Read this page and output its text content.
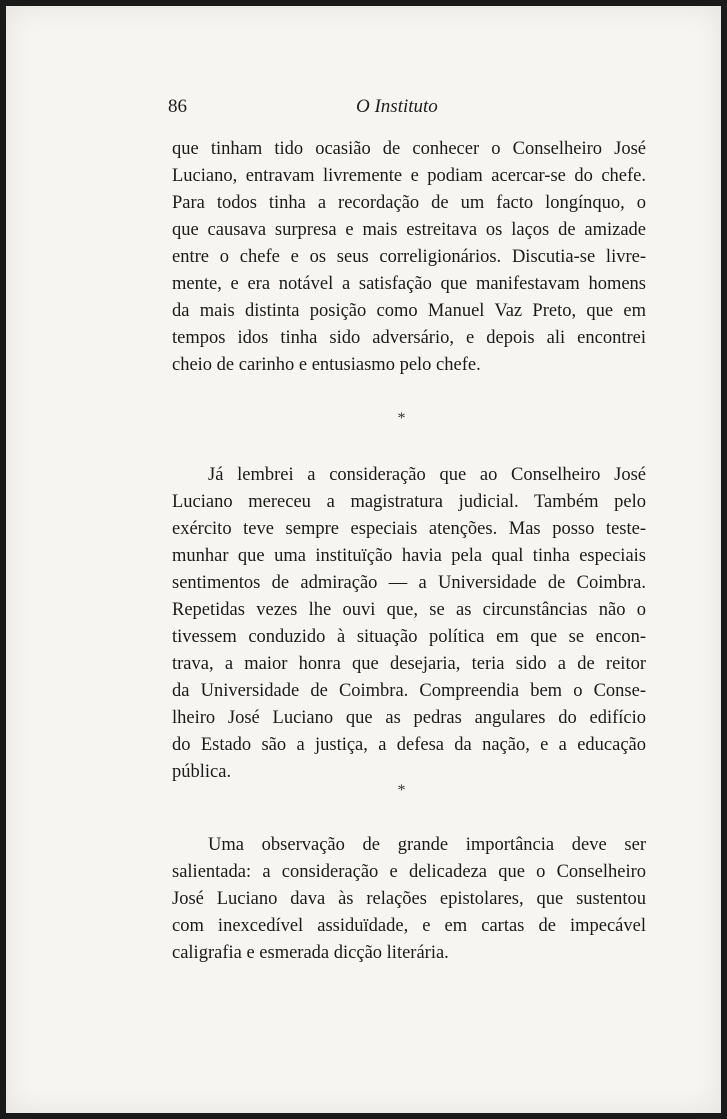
86	O Instituto
que tinham tido ocasião de conhecer o Conselheiro José
Luciano, entravam livremente e podiam acercar-se do chefe.
Para todos tinha a recordação de um facto longínquo, o
que causava surpresa e mais estreitava os laços de amizade
entre o chefe e os seus correligionários. Discutia-se livre-
mente, e era notável a satisfação que manifestavam homens
da mais distinta posição como Manuel Vaz Preto, que em
tempos idos tinha sido adversário, e depois ali encontrei
cheio de carinho e entusiasmo pelo chefe.
*
Já lembrei a consideração que ao Conselheiro José
Luciano mereceu a magistratura judicial. Também pelo
exército teve sempre especiais atenções. Mas posso teste-
munhar que uma instituïção havia pela qual tinha especiais
sentimentos de admiração — a Universidade de Coimbra.
Repetidas vezes lhe ouvi que, se as circunstâncias não o
tivessem conduzido à situação política em que se encon-
trava, a maior honra que desejaria, teria sido a de reitor
da Universidade de Coimbra. Compreendia bem o Conse-
lheiro José Luciano que as pedras angulares do edifício
do Estado são a justiça, a defesa da nação, e a educação
pública.
*
Uma observação de grande importância deve ser
salientada: a consideração e delicadeza que o Conselheiro
José Luciano dava às relações epistolares, que sustentou
com inexcedível assiduïdade, e em cartas de impecável
caligrafia e esmerada dicção literária.
